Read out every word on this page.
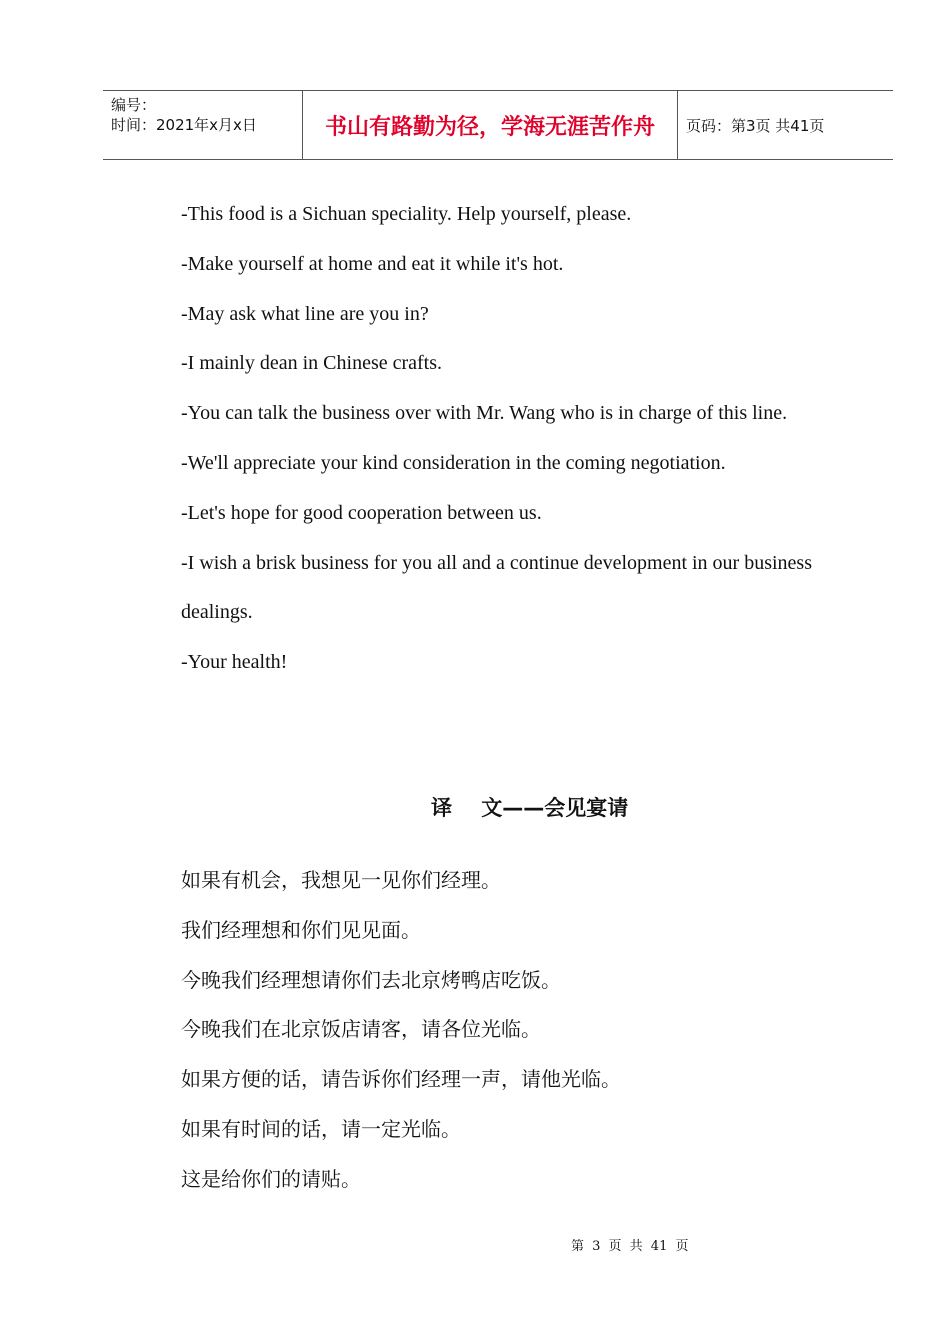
编号：
时间：2021年x月x日	书山有路勤为径，学海无涯苦作舟	页码：第3页 共41页

-This food is a Sichuan speciality. Help yourself, please.

-Make yourself at home and eat it while it's hot.

-May ask what line are you in?

-I mainly dean in Chinese crafts.

-You can talk the business over with Mr. Wang who is in charge of this line.

-We'll appreciate your kind consideration in the coming negotiation.

-Let's hope for good cooperation between us.

-I wish a brisk business for you all and a continue development in our business dealings.

-Your health!

译    文——会见宴请

如果有机会，我想见一见你们经理。

我们经理想和你们见见面。

今晚我们经理想请你们去北京烤鸭店吃饭。

今晚我们在北京饭店请客，请各位光临。

如果方便的话，请告诉你们经理一声，请他光临。

如果有时间的话，请一定光临。

这是给你们的请贴。

第 3 页 共 41 页
